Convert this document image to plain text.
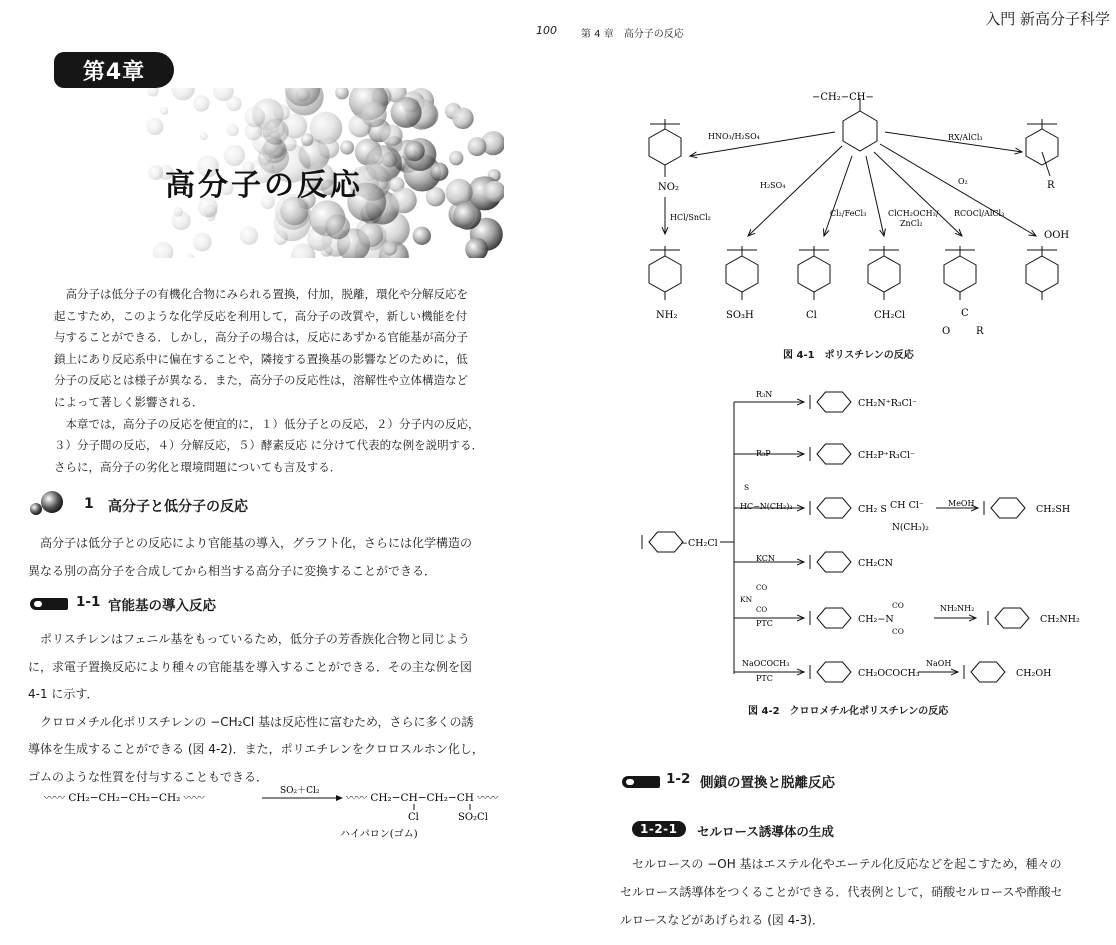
100 第 4 章　高分子の反応
入門 新高分子科学
第4章
高分子の反応

高分子は低分子の有機化合物にみられる置換，付加，脱離，環化や分解反応を

起こすため，このような化学反応を利用して，高分子の改質や，新しい機能を付

与することができる．しかし，高分子の場合は，反応にあずかる官能基が高分子

鎖上にあり反応系中に偏在することや，隣接する置換基の影響などのために，低

分子の反応とは様子が異なる．また，高分子の反応性は，溶解性や立体構造など

によって著しく影響される．

本章では，高分子の反応を便宜的に，１）低分子との反応，２）分子内の反応，

３）分子間の反応，４）分解反応，５）酵素反応 に分けて代表的な例を説明する．

さらに，高分子の劣化と環境問題についても言及する．

1 高分子と低分子の反応

高分子は低分子との反応により官能基の導入，グラフト化，さらには化学構造の

異なる別の高分子を合成してから相当する高分子に変換することができる．

1-1 官能基の導入反応

ポリスチレンはフェニル基をもっているため，低分子の芳香族化合物と同じよう

に，求電子置換反応により種々の官能基を導入することができる．その主な例を図

4-1 に示す．

クロロメチル化ポリスチレンの −CH₂Cl 基は反応性に富むため，さらに多くの誘

導体を生成することができる (図 4-2)．また，ポリエチレンをクロロスルホン化し，

ゴムのような性質を付与することもできる．

〰〰 CH₂−CH₂−CH₂−CH₂ 〰〰
SO₂＋Cl₂
〰〰 CH₂−CH−CH₂−CH 〰〰
Cl	SO₂Cl
ハイパロン(ゴム)
−CH₂−CH−
HNO₃/H₂SO₄
H₂SO₄
Cl₂/FeCl₃	ClCH₂OCH₃/
ZnCl₂
RCOCl/AlCl₃
O₂
RX/AlCl₃
HCl/SnCl₂
NO₂
NH₂	SO₃H	Cl	CH₂Cl	C
O	R
OOH
R
図 4-1　ポリスチレンの反応
−CH₂Cl
R₃N
R₃P
S
HC−N(CH₃)₂
KCN
KN
CO
CO
PTC
NaOCOCH₃
PTC
MeOH
NH₂NH₂
NaOH
CH₂N⁺R₃Cl⁻
CH₂P⁺R₃Cl⁻
CH₂ S CH Cl⁻
N(CH₃)₂
CH₂SH
CH₂CN
CH₂−N
CO
CO
CH₂NH₂
CH₂OCOCH₃	CH₂OH
図 4-2　クロロメチル化ポリスチレンの反応
1-2 側鎖の置換と脱離反応
1-2-1	セルロース誘導体の生成

セルロースの −OH 基はエステル化やエーテル化反応などを起こすため，種々の

セルロース誘導体をつくることができる．代表例として，硝酸セルロースや酢酸セ

ルロースなどがあげられる (図 4-3)．
